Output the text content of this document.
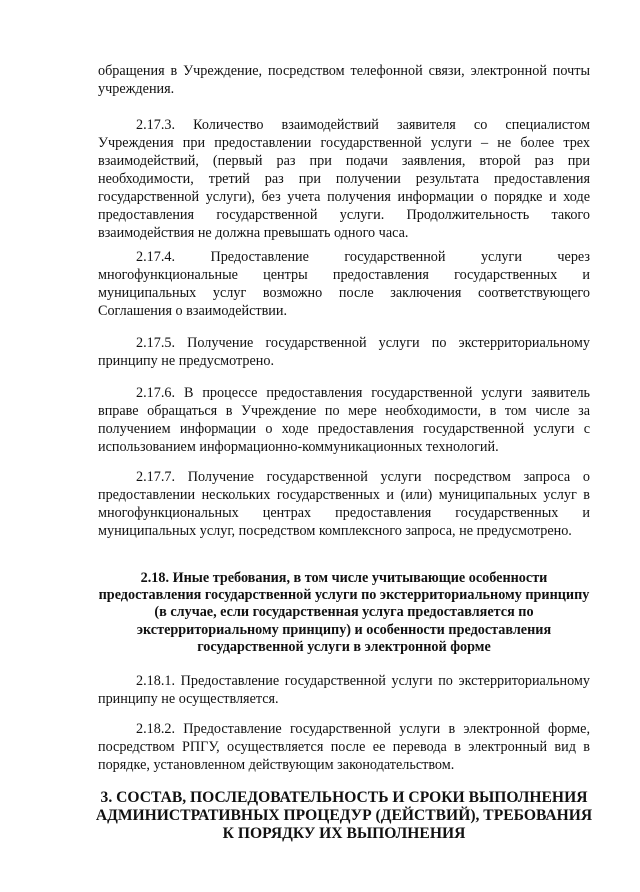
обращения в Учреждение, посредством телефонной связи, электронной почты учреждения.

2.17.3. Количество взаимодействий заявителя со специалистом Учреждения при предоставлении государственной услуги – не более трех взаимодействий, (первый раз при подачи заявления, второй раз при необходимости, третий раз при получении результата предоставления государственной услуги), без учета получения информации о порядке и ходе предоставления государственной услуги. Продолжительность такого взаимодействия не должна превышать одного часа.

2.17.4. Предоставление государственной услуги через многофункциональные центры предоставления государственных и муниципальных услуг возможно после заключения соответствующего Соглашения о взаимодействии.

2.17.5. Получение государственной услуги по экстерриториальному принципу не предусмотрено.

2.17.6. В процессе предоставления государственной услуги заявитель вправе обращаться в Учреждение по мере необходимости, в том числе за получением информации о ходе предоставления государственной услуги с использованием информационно-коммуникационных технологий.

2.17.7. Получение государственной услуги посредством запроса о предоставлении нескольких государственных и (или) муниципальных услуг в многофункциональных центрах предоставления государственных и муниципальных услуг, посредством комплексного запроса, не предусмотрено.

2.18. Иные требования, в том числе учитывающие особенности предоставления государственной услуги по экстерриториальному принципу (в случае, если государственная услуга предоставляется по экстерриториальному принципу) и особенности предоставления государственной услуги в электронной форме

2.18.1. Предоставление государственной услуги по экстерриториальному принципу не осуществляется.

2.18.2. Предоставление государственной услуги в электронной форме, посредством РПГУ, осуществляется после ее перевода в электронный вид в порядке, установленном действующим законодательством.

3. СОСТАВ, ПОСЛЕДОВАТЕЛЬНОСТЬ И СРОКИ ВЫПОЛНЕНИЯ АДМИНИСТРАТИВНЫХ ПРОЦЕДУР (ДЕЙСТВИЙ), ТРЕБОВАНИЯ К ПОРЯДКУ ИХ ВЫПОЛНЕНИЯ
